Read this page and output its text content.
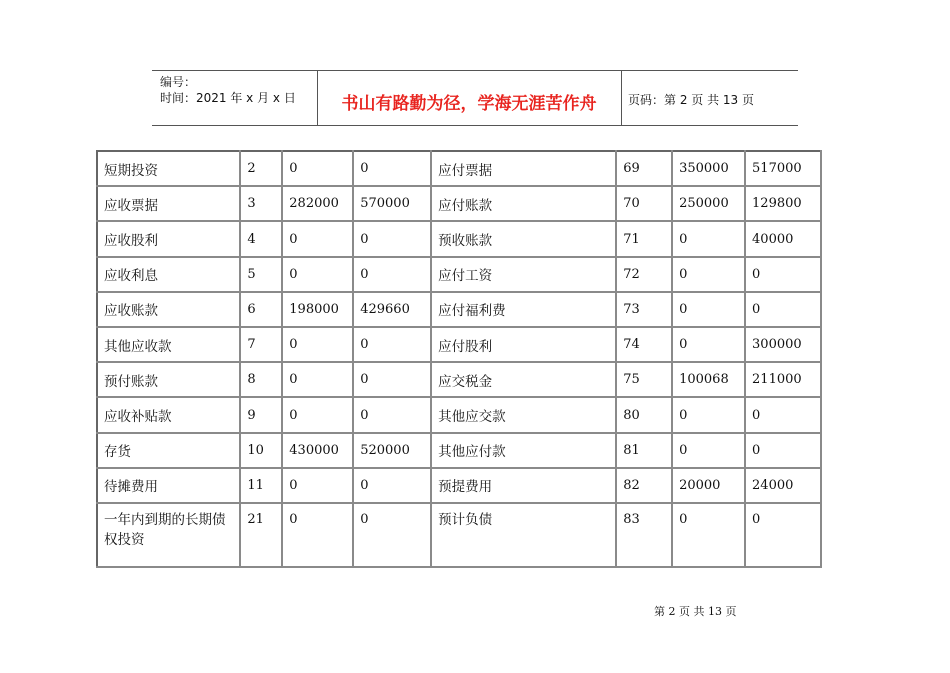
编号：
时间：2021 年 x 月 x 日	书山有路勤为径，学海无涯苦作舟	页码：第 2 页 共 13 页
短期投资	2	0	0	应付票据	69	350000	517000
应收票据	3	282000	570000	应付账款	70	250000	129800
应收股利	4	0	0	预收账款	71	0	40000
应收利息	5	0	0	应付工资	72	0	0
应收账款	6	198000	429660	应付福利费	73	0	0
其他应收款	7	0	0	应付股利	74	0	300000
预付账款	8	0	0	应交税金	75	100068	211000
应收补贴款	9	0	0	其他应交款	80	0	0
存货	10	430000	520000	其他应付款	81	0	0
待摊费用	11	0	0	预提费用	82	20000	24000
一年内到期的长期债权投资	21	0	0	预计负债	83	0	0
第 2 页 共 13 页
